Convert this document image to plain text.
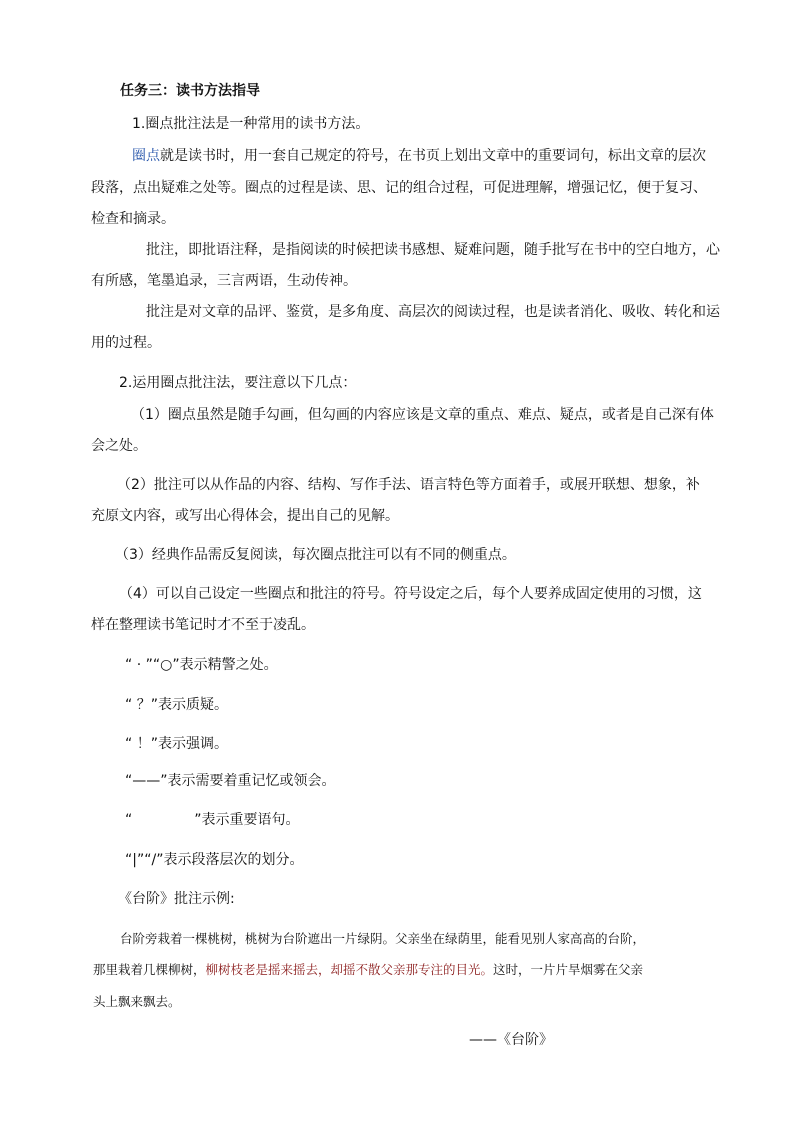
任务三：读书方法指导
1.圈点批注法是一种常用的读书方法。
圈点就是读书时，用一套自己规定的符号，在书页上划出文章中的重要词句，标出文章的层次
段落，点出疑难之处等。圈点的过程是读、思、记的组合过程，可促进理解，增强记忆，便于复习、
检查和摘录。
批注，即批语注释，是指阅读的时候把读书感想、疑难问题，随手批写在书中的空白地方，心
有所感，笔墨追录，三言两语，生动传神。
批注是对文章的品评、鉴赏，是多角度、高层次的阅读过程，也是读者消化、吸收、转化和运
用的过程。
2.运用圈点批注法，要注意以下几点：
（1）圈点虽然是随手勾画，但勾画的内容应该是文章的重点、难点、疑点，或者是自己深有体
会之处。
（2）批注可以从作品的内容、结构、写作手法、语言特色等方面着手，或展开联想、想象，补
充原文内容，或写出心得体会，提出自己的见解。
（3）经典作品需反复阅读，每次圈点批注可以有不同的侧重点。
（4）可以自己设定一些圈点和批注的符号。符号设定之后，每个人要养成固定使用的习惯，这
样在整理读书笔记时才不至于凌乱。
“ · ”“○”表示精警之处。
“ ？”表示质疑。
“ ！”表示强调。
“——”表示需要着重记忆或领会。
“	”表示重要语句。
“|”“/”表示段落层次的划分。
《台阶》批注示例:
台阶旁栽着一棵桃树，桃树为台阶遮出一片绿阴。父亲坐在绿荫里，能看见别人家高高的台阶，
那里栽着几棵柳树，柳树枝老是摇来摇去，却摇不散父亲那专注的目光。这时，一片片旱烟雾在父亲
头上飘来飘去。
——《台阶》
